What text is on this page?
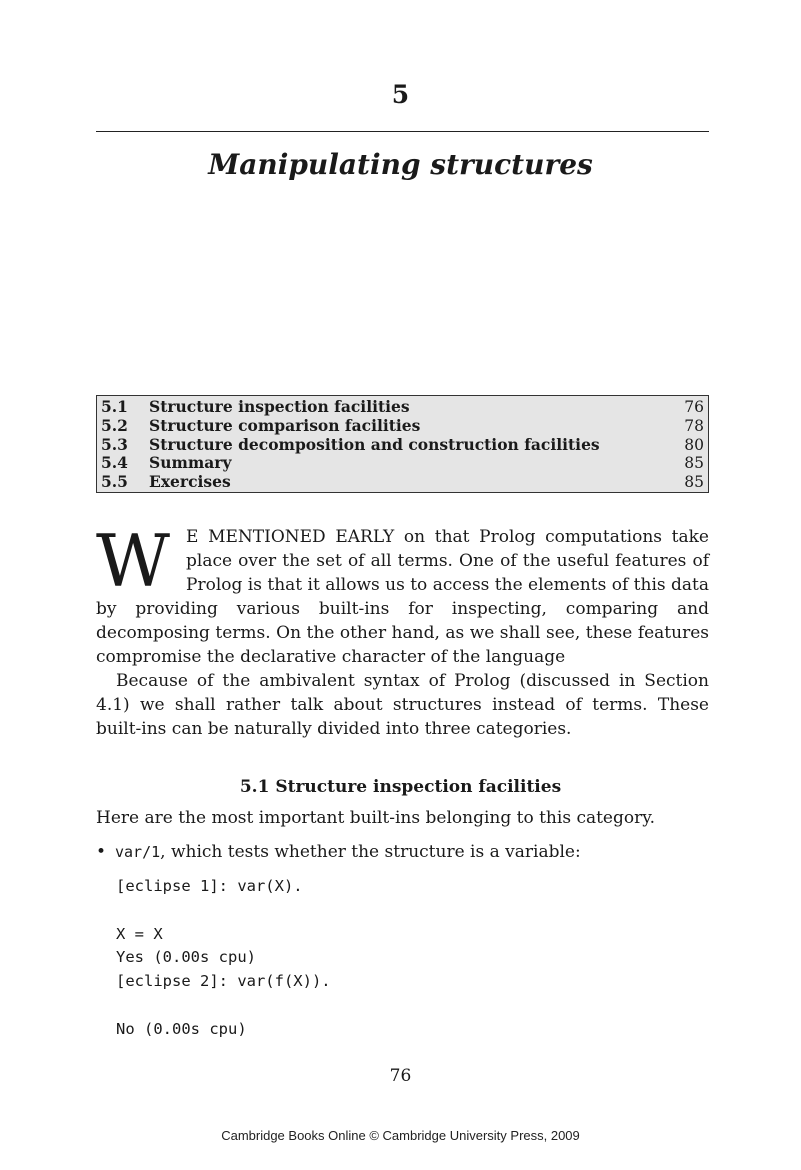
5
Manipulating structures
5.1	Structure inspection facilities	76
5.2	Structure comparison facilities	78
5.3	Structure decomposition and construction facilities	80
5.4	Summary	85
5.5	Exercises	85
W E MENTIONED EARLY on that Prolog computations take place over the set of all terms. One of the useful features of Prolog is that it allows us to access the elements of this data by providing various built-ins for inspecting, comparing and decomposing terms. On the other hand, as we shall see, these features compromise the declarative character of the language

Because of the ambivalent syntax of Prolog (discussed in Section 4.1) we shall rather talk about structures instead of terms. These built-ins can be naturally divided into three categories.

5.1 Structure inspection facilities
Here are the most important built-ins belonging to this category.
• var/1, which tests whether the structure is a variable:
[eclipse 1]: var(X).

X = X
Yes (0.00s cpu)
[eclipse 2]: var(f(X)).

No (0.00s cpu)
76
Cambridge Books Online © Cambridge University Press, 2009
